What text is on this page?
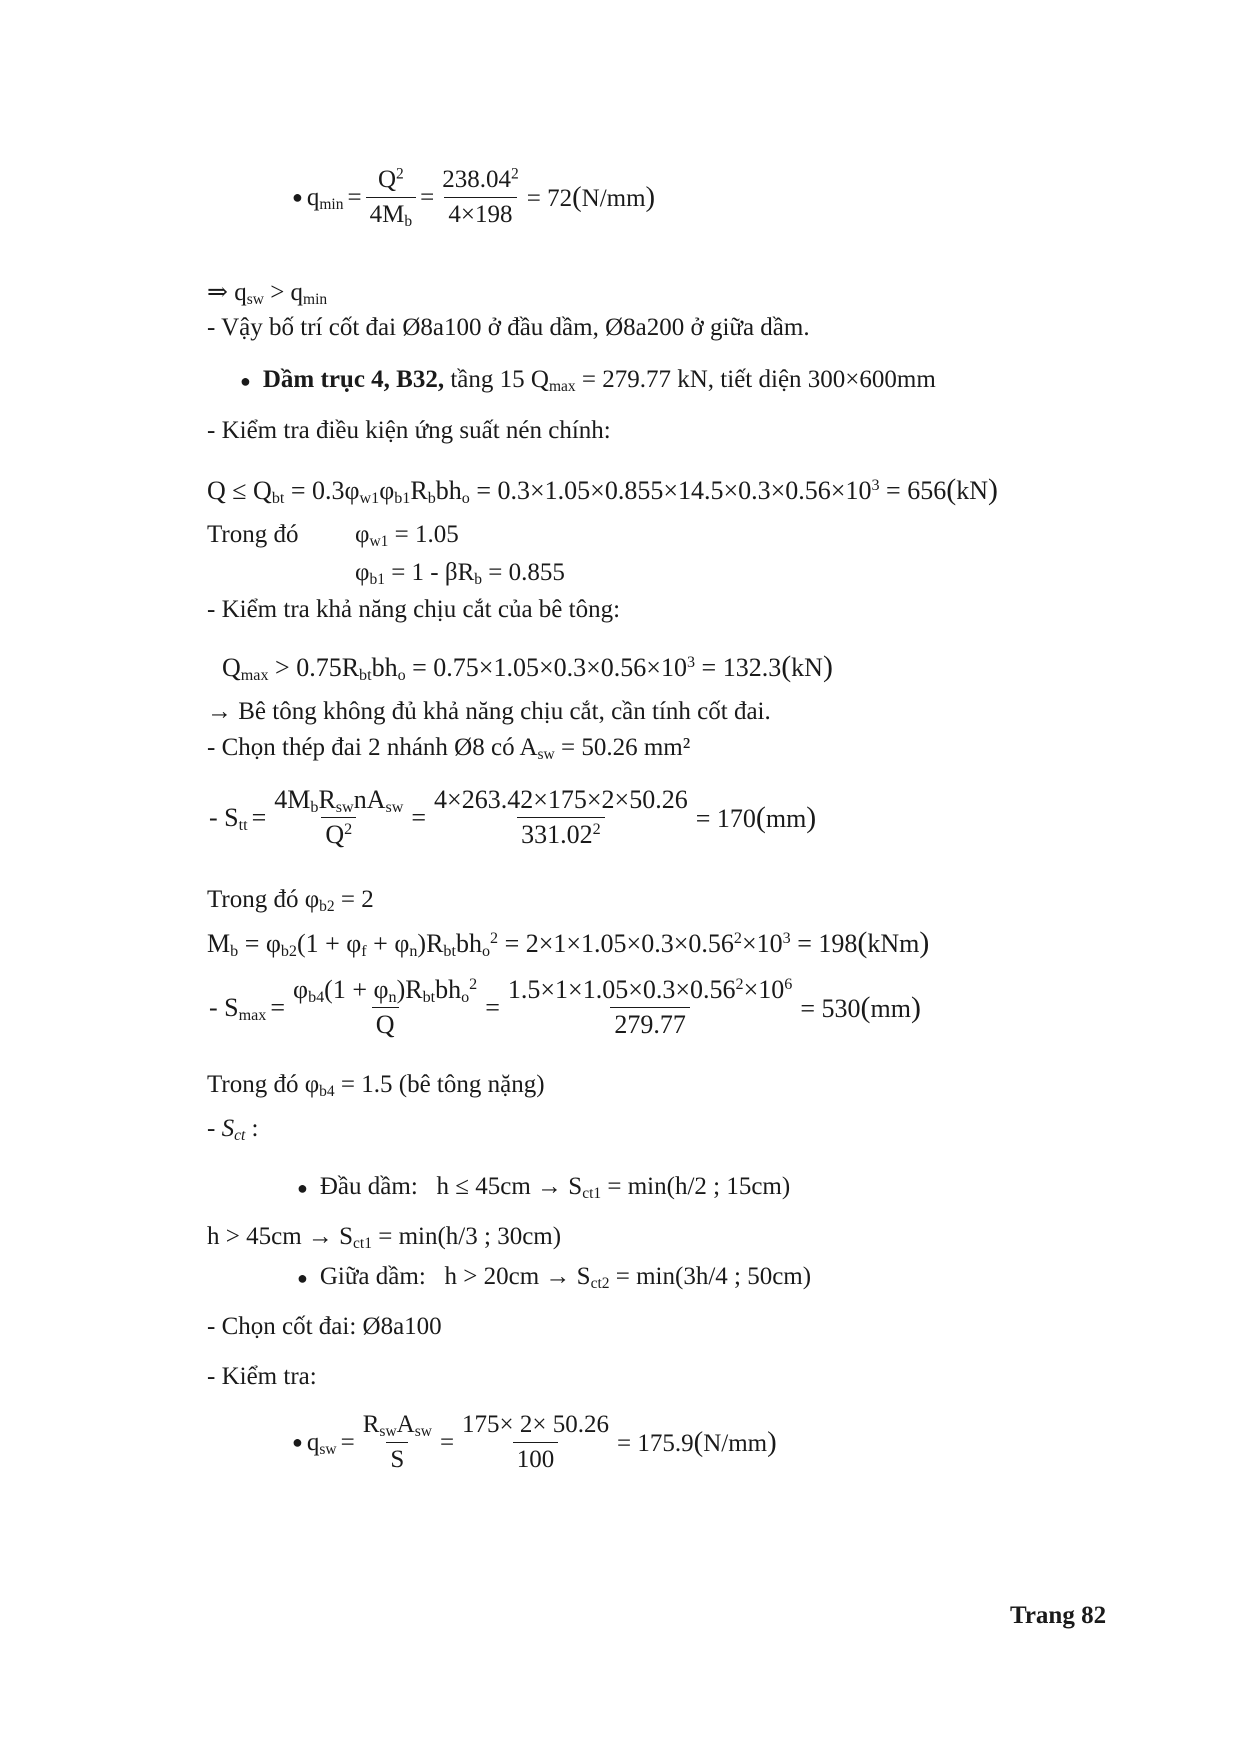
● $q_{min} = \frac{Q^2}{4M_b} = \frac{238.04^2}{4\times 198} = 72(N/mm)$
⇒ $q_{sw} > q_{min}$
- Vậy bố trí cốt đai Ø8a100 ở đầu dầm, Ø8a200 ở giữa dầm.
● Dầm trục 4, B32, tầng 15 $Q_{max} = 279.77$ kN, tiết diện 300×600mm
- Kiểm tra điều kiện ứng suất nén chính:
$Q \le Q_{bt} = 0.3\varphi_{w1}\varphi_{b1}R_bbh_o = 0.3\times 1.05\times 0.855\times 14.5\times 0.3\times 0.56\times 10^3 = 656(kN)$
Trong đó $\varphi_{w1} = 1.05$
$\varphi_{b1} = 1 - \beta R_b = 0.855$
- Kiểm tra khả năng chịu cắt của bê tông:
$Q_{max} > 0.75R_{bt}bh_o = 0.75\times 1.05\times 0.3\times 0.56\times 10^3 = 132.3(kN)$
→ Bê tông không đủ khả năng chịu cắt, cần tính cốt đai.
- Chọn thép đai 2 nhánh Ø8 có $A_{sw} = 50.26$ mm²
- $S_{tt} = \frac{4M_bR_{sw}nA_{sw}}{Q^2} = \frac{4\times 263.42\times 175\times 2\times 50.26}{331.02^2} = 170(mm)$
Trong đó $\varphi_{b2} = 2$
$M_b = \varphi_{b2}(1 + \varphi_f + \varphi_n)R_{bt}bh_o^2 = 2\times 1\times 1.05\times 0.3\times 0.56^2\times 10^3 = 198(kNm)$
- $S_{max} = \frac{\varphi_{b4}(1 + \varphi_n)R_{bt}bh_o^2}{Q} = \frac{1.5\times 1\times 1.05\times 0.3\times 0.56^2\times 10^6}{279.77} = 530(mm)$
Trong đó $\varphi_{b4} = 1.5$ (bê tông nặng)
- $S_{ct}$ :
● Đầu dầm: $h \le 45cm \to S_{ct1} = \min(h/2$ ; 15cm)
$h > 45cm \to S_{ct1} = \min(h/3$ ; 30cm)
● Giữa dầm: $h > 20cm \to S_{ct2} = \min(3h/4$ ; 50cm)
- Chọn cốt đai: Ø8a100
- Kiểm tra:
● $q_{sw} = \frac{R_{sw}A_{sw}}{S} = \frac{175\times 2\times 50.26}{100} = 175.9(N/mm)$
Trang 82
